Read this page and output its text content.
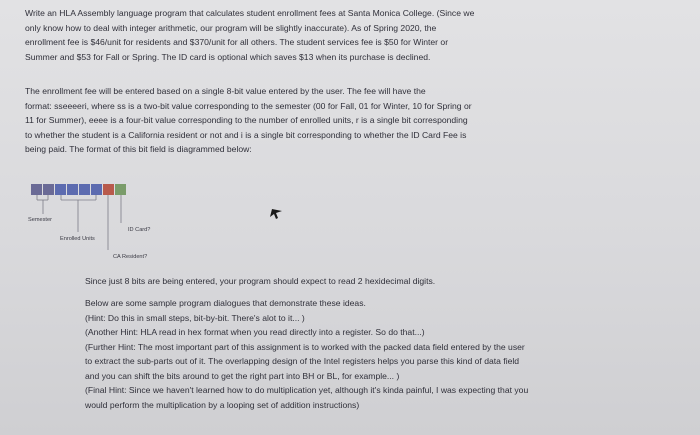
Write an HLA Assembly language program that calculates student enrollment fees at Santa Monica College. (Since we
only know how to deal with integer arithmetic, our program will be slightly inaccurate). As of Spring 2020, the
enrollment fee is $46/unit for residents and $370/unit for all others. The student services fee is $50 for Winter or
Summer and $53 for Fall or Spring. The ID card is optional which saves $13 when its purchase is declined.

The enrollment fee will be entered based on a single 8-bit value entered by the user. The fee will have the
format: sseeeeri, where ss is a two-bit value corresponding to the semester (00 for Fall, 01 for Winter, 10 for Spring or
11 for Summer), eeee is a four-bit value corresponding to the number of enrolled units, r is a single bit corresponding
to whether the student is a California resident or not and i is a single bit corresponding to whether the ID Card Fee is
being paid. The format of this bit field is diagrammed below:

Semester
Enrolled Units
ID Card?
CA Resident?

Since just 8 bits are being entered, your program should expect to read 2 hexidecimal digits.

Below are some sample program dialogues that demonstrate these ideas.
(Hint: Do this in small steps, bit-by-bit. There's alot to it... )
(Another Hint: HLA read in hex format when you read directly into a register. So do that...)
(Further Hint: The most important part of this assignment is to worked with the packed data field entered by the user
to extract the sub-parts out of it. The overlapping design of the Intel registers helps you parse this kind of data field
and you can shift the bits around to get the right part into BH or BL, for example... )
(Final Hint: Since we haven't learned how to do multiplication yet, although it's kinda painful, I was expecting that you
would perform the multiplication by a looping set of addition instructions)
